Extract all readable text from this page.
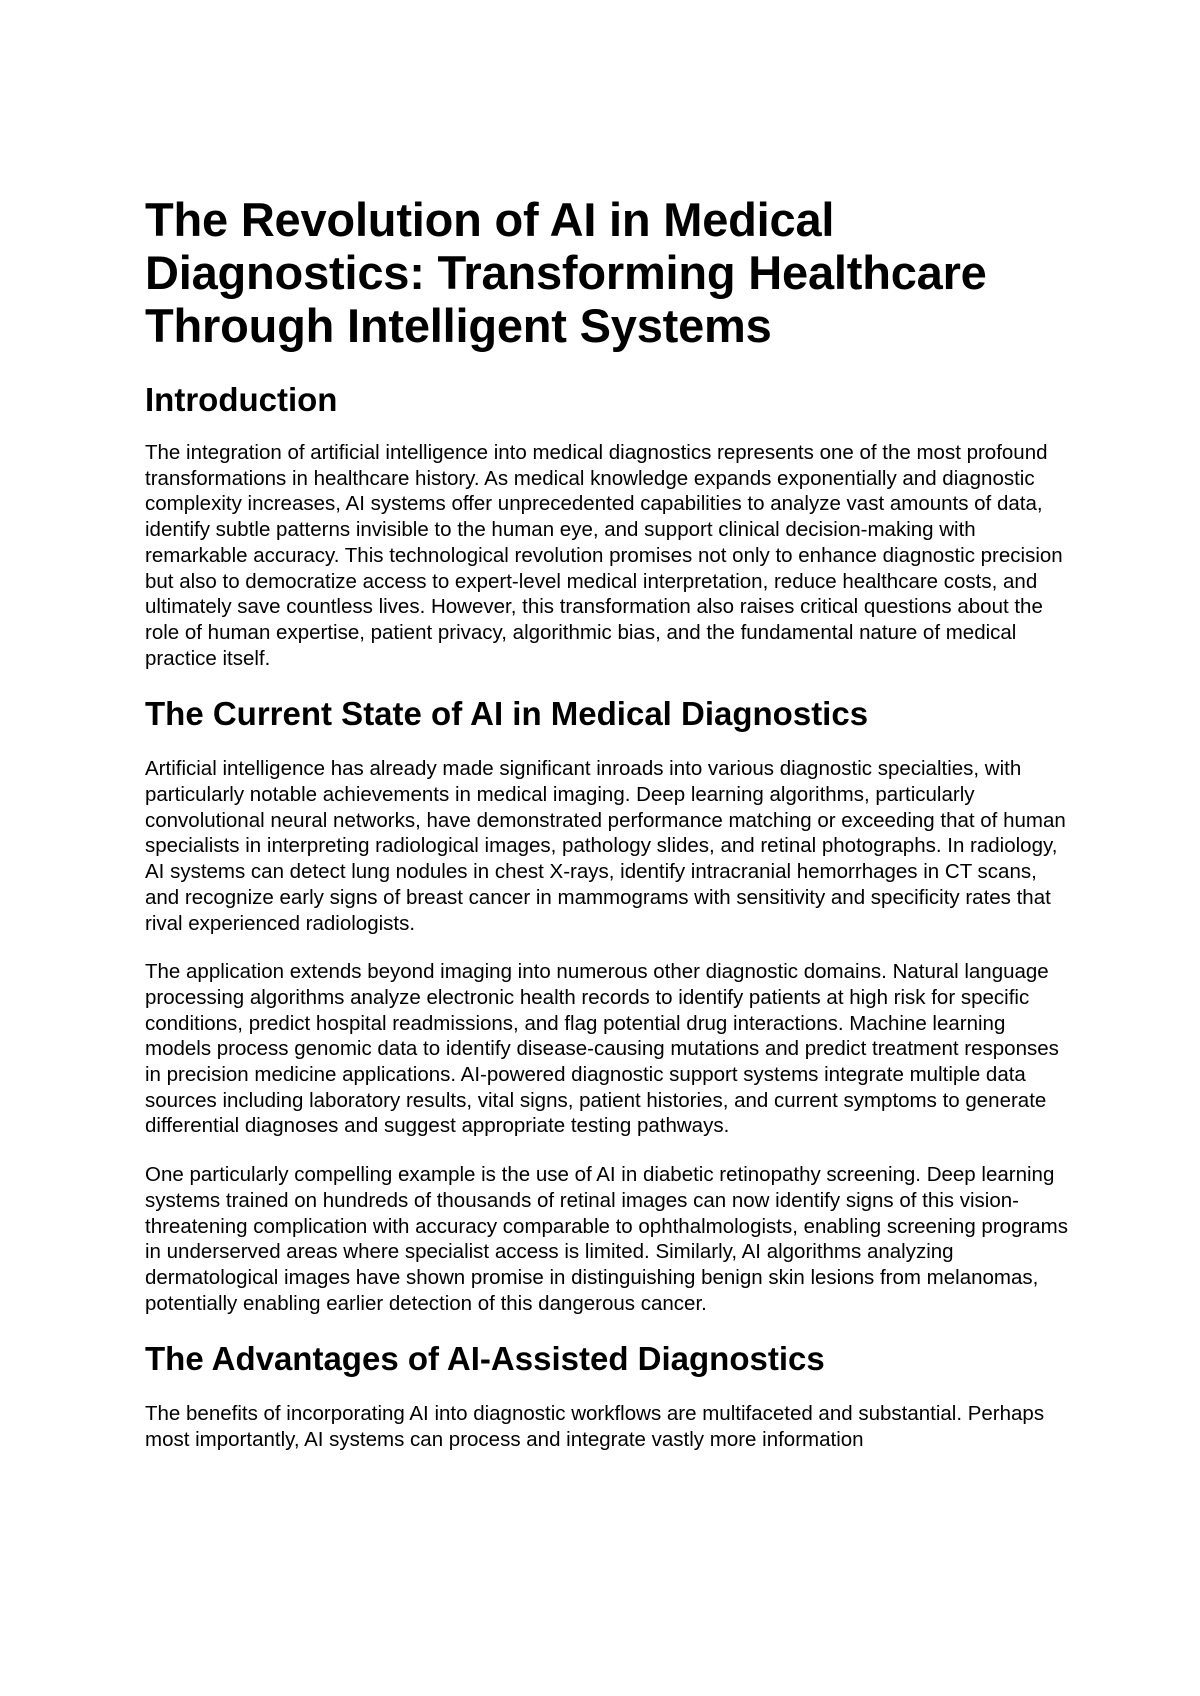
The Revolution of AI in Medical Diagnostics: Transforming Healthcare Through Intelligent Systems
Introduction

The integration of artificial intelligence into medical diagnostics represents one of the most profound transformations in healthcare history. As medical knowledge expands exponentially and diagnostic complexity increases, AI systems offer unprecedented capabilities to analyze vast amounts of data, identify subtle patterns invisible to the human eye, and support clinical decision-making with remarkable accuracy. This technological revolution promises not only to enhance diagnostic precision but also to democratize access to expert-level medical interpretation, reduce healthcare costs, and ultimately save countless lives. However, this transformation also raises critical questions about the role of human expertise, patient privacy, algorithmic bias, and the fundamental nature of medical practice itself.

The Current State of AI in Medical Diagnostics

Artificial intelligence has already made significant inroads into various diagnostic specialties, with particularly notable achievements in medical imaging. Deep learning algorithms, particularly convolutional neural networks, have demonstrated performance matching or exceeding that of human specialists in interpreting radiological images, pathology slides, and retinal photographs. In radiology, AI systems can detect lung nodules in chest X-rays, identify intracranial hemorrhages in CT scans, and recognize early signs of breast cancer in mammograms with sensitivity and specificity rates that rival experienced radiologists.

The application extends beyond imaging into numerous other diagnostic domains. Natural language processing algorithms analyze electronic health records to identify patients at high risk for specific conditions, predict hospital readmissions, and flag potential drug interactions. Machine learning models process genomic data to identify disease-causing mutations and predict treatment responses in precision medicine applications. AI-powered diagnostic support systems integrate multiple data sources including laboratory results, vital signs, patient histories, and current symptoms to generate differential diagnoses and suggest appropriate testing pathways.

One particularly compelling example is the use of AI in diabetic retinopathy screening. Deep learning systems trained on hundreds of thousands of retinal images can now identify signs of this vision-threatening complication with accuracy comparable to ophthalmologists, enabling screening programs in underserved areas where specialist access is limited. Similarly, AI algorithms analyzing dermatological images have shown promise in distinguishing benign skin lesions from melanomas, potentially enabling earlier detection of this dangerous cancer.

The Advantages of AI-Assisted Diagnostics

The benefits of incorporating AI into diagnostic workflows are multifaceted and substantial. Perhaps most importantly, AI systems can process and integrate vastly more information
